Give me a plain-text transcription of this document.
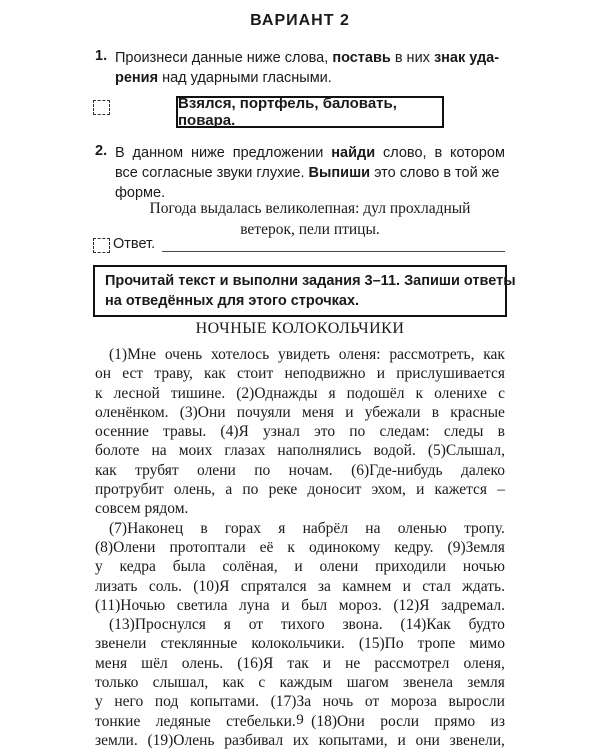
ВАРИАНТ 2
1. Произнеси данные ниже слова, поставь в них знак уда-
рения над ударными гласными.
Взялся, портфель, баловать, повара.
2. В данном ниже предложении найди слово, в котором
все согласные звуки глухие. Выпиши это слово в той же
форме.
Погода выдалась великолепная: дул прохладный
ветерок, пели птицы.
Ответ.
Прочитай текст и выполни задания 3–11. Запиши ответы
на отведённых для этого строчках.
НОЧНЫЕ КОЛОКОЛЬЧИКИ
(1)Мне очень хотелось увидеть оленя: рассмотреть, как
он ест траву, как стоит неподвижно и прислушивается
к лесной тишине. (2)Однажды я подошёл к оленихе с
оленёнком. (3)Они почуяли меня и убежали в красные
осенние травы. (4)Я узнал это по следам: следы в
болоте на моих глазах наполнялись водой. (5)Слышал,
как трубят олени по ночам. (6)Где-нибудь далеко
протрубит олень, а по реке доносит эхом, и кажется –
совсем рядом.
(7)Наконец в горах я набрёл на оленью тропу.
(8)Олени протоптали её к одинокому кедру. (9)Земля
у кедра была солёная, и олени приходили ночью
лизать соль. (10)Я спрятался за камнем и стал ждать.
(11)Ночью светила луна и был мороз. (12)Я задремал.
(13)Проснулся я от тихого звона. (14)Как будто
звенели стеклянные колокольчики. (15)По тропе мимо
меня шёл олень. (16)Я так и не рассмотрел оленя,
только слышал, как с каждым шагом звенела земля
у него под копытами. (17)За ночь от мороза выросли
тонкие ледяные стебельки. (18)Они росли прямо из
земли. (19)Олень разбивал их копытами, и они звенели,
9
